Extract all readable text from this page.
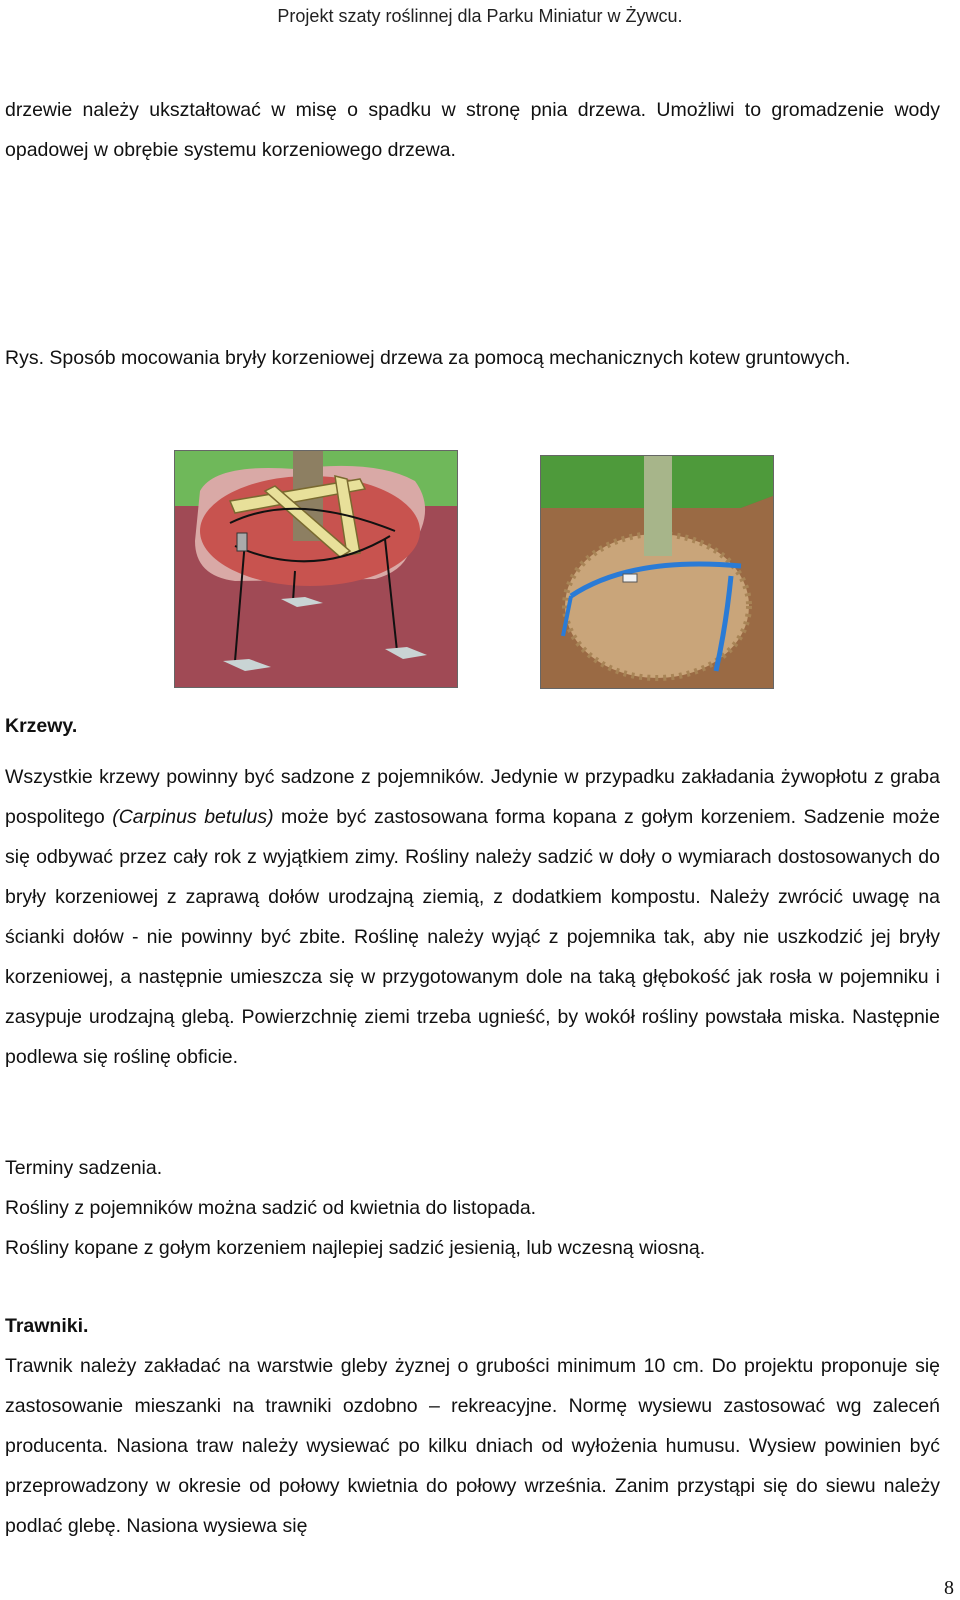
Projekt szaty roślinnej dla Parku Miniatur w Żywcu.

drzewie należy ukształtować w misę o spadku w stronę pnia drzewa. Umożliwi to gromadzenie wody opadowej w obrębie systemu korzeniowego drzewa.

Rys. Sposób mocowania bryły korzeniowej drzewa za pomocą mechanicznych kotew gruntowych.

Krzewy.

Wszystkie krzewy powinny być sadzone z pojemników. Jedynie w przypadku zakładania żywopłotu z graba pospolitego (Carpinus betulus) może być zastosowana forma kopana z gołym korzeniem. Sadzenie może się odbywać przez cały rok z wyjątkiem zimy. Rośliny należy sadzić w doły o wymiarach dostosowanych do bryły korzeniowej z zaprawą dołów urodzajną ziemią, z dodatkiem kompostu. Należy zwrócić uwagę na ścianki dołów - nie powinny być zbite. Roślinę należy wyjąć z pojemnika tak, aby nie uszkodzić jej bryły korzeniowej, a następnie umieszcza się w przygotowanym dole na taką głębokość jak rosła w pojemniku i zasypuje urodzajną glebą. Powierzchnię ziemi trzeba ugnieść, by wokół rośliny powstała miska. Następnie podlewa się roślinę obficie.

Terminy sadzenia.

Rośliny z pojemników można sadzić od kwietnia do listopada.

Rośliny kopane z gołym korzeniem najlepiej sadzić jesienią, lub wczesną wiosną.

Trawniki.

Trawnik należy zakładać na warstwie gleby żyznej o grubości minimum 10 cm. Do projektu proponuje się zastosowanie mieszanki na trawniki ozdobno – rekreacyjne. Normę wysiewu zastosować wg zaleceń producenta. Nasiona traw należy wysiewać po kilku dniach od wyłożenia humusu. Wysiew powinien być przeprowadzony w okresie od połowy kwietnia do połowy września. Zanim przystąpi się do siewu należy podlać glebę. Nasiona wysiewa się

8
